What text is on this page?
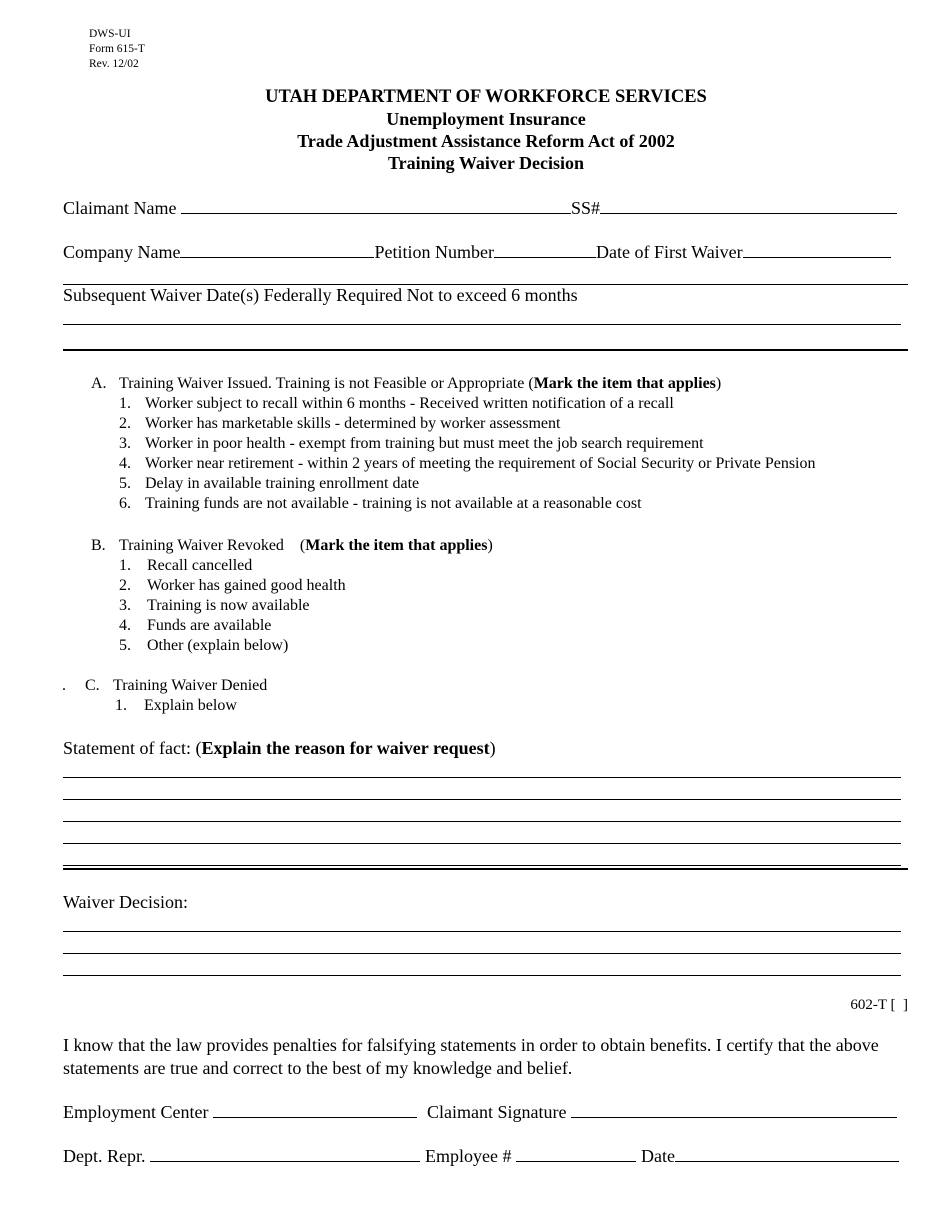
DWS-UI
Form 615-T
Rev. 12/02
UTAH DEPARTMENT OF WORKFORCE SERVICES
Unemployment Insurance
Trade Adjustment Assistance Reform Act of 2002
Training Waiver Decision
Claimant Name	SS#
Company Name	Petition Number	Date of First Waiver
Subsequent Waiver Date(s) Federally Required Not to exceed 6 months
A. Training Waiver Issued. Training is not Feasible or Appropriate (Mark the item that applies)
1. Worker subject to recall within 6 months - Received written notification of a recall
2. Worker has marketable skills - determined by worker assessment
3. Worker in poor health - exempt from training but must meet the job search requirement
4. Worker near retirement - within 2 years of meeting the requirement of Social Security or Private Pension
5. Delay in available training enrollment date
6. Training funds are not available - training is not available at a reasonable cost
B. Training Waiver Revoked    (Mark the item that applies)
1. Recall cancelled
2. Worker has gained good health
3. Training is now available
4. Funds are available
5. Other (explain below)
. C. Training Waiver Denied
1. Explain below
Statement of fact: (Explain the reason for waiver request)
Waiver Decision:
602-T [  ]
I know that the law provides penalties for falsifying statements in order to obtain benefits. I certify that the above statements are true and correct to the best of my knowledge and belief.
Employment Center	Claimant Signature
Dept. Repr.	Employee #	Date
